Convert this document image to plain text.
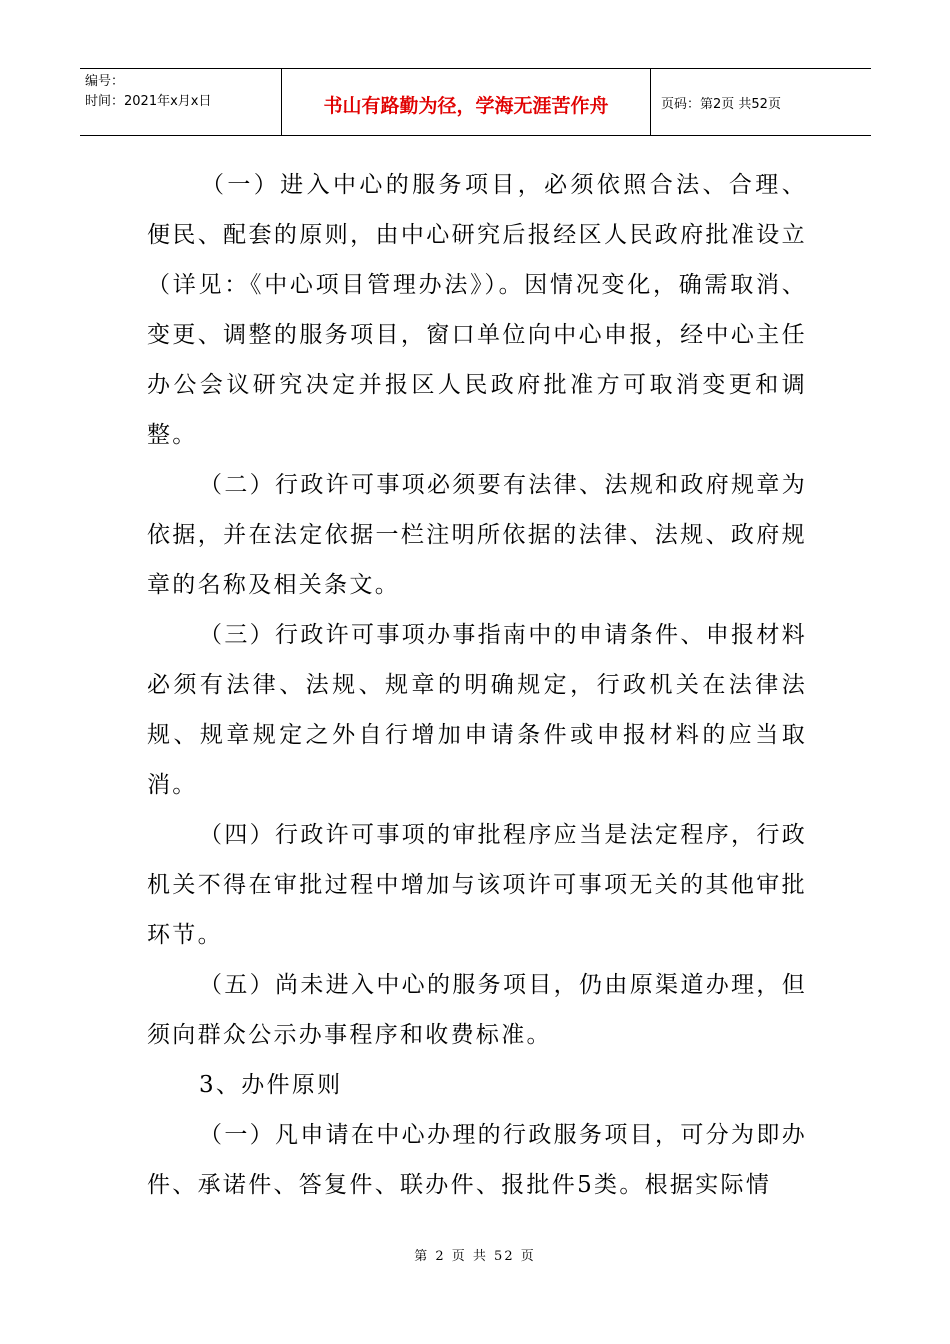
编号：
时间：2021年x月x日	书山有路勤为径，学海无涯苦作舟	页码：第2页 共52页

（一）进入中心的服务项目，必须依照合法、合理、便民、配套的原则，由中心研究后报经区人民政府批准设立（详见：《中心项目管理办法》）。因情况变化，确需取消、变更、调整的服务项目，窗口单位向中心申报，经中心主任办公会议研究决定并报区人民政府批准方可取消变更和调整。

（二）行政许可事项必须要有法律、法规和政府规章为依据，并在法定依据一栏注明所依据的法律、法规、政府规章的名称及相关条文。

（三）行政许可事项办事指南中的申请条件、申报材料必须有法律、法规、规章的明确规定，行政机关在法律法规、规章规定之外自行增加申请条件或申报材料的应当取消。

（四）行政许可事项的审批程序应当是法定程序，行政机关不得在审批过程中增加与该项许可事项无关的其他审批环节。

（五）尚未进入中心的服务项目，仍由原渠道办理，但须向群众公示办事程序和收费标准。

3、办件原则

（一）凡申请在中心办理的行政服务项目，可分为即办件、承诺件、答复件、联办件、报批件5类。根据实际情

第 2 页 共 52 页
